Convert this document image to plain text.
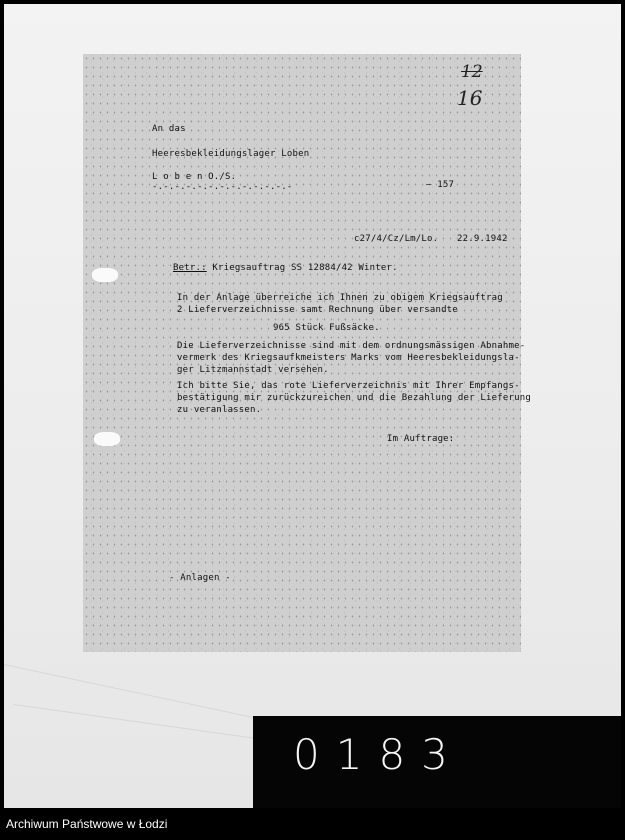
12
16
An das
Heeresbekleidungslager Loben
L o b e n O./S.
-.-.-.-.-.-.-.-.-.-.-.-.-	— 157
c27/4/Cz/Lm/Lo. 22.9.1942
Betr.: Kriegsauftrag SS 12884/42 Winter.
In der Anlage überreiche ich Ihnen zu obigem Kriegsauftrag
2 Lieferverzeichnisse samt Rechnung über versandte
965 Stück Fußsäcke.
Die Lieferverzeichnisse sind mit dem ordnungsmässigen Abnahme-
vermerk des Kriegsaufkmeisters Marks vom Heeresbekleidungsla-
ger Litzmannstadt versehen.
Ich bitte Sie, das rote Lieferverzeichnis mit Ihrer Empfangs-
bestätigung mir zurückzureichen und die Bezahlung der Lieferung
zu veranlassen.
Im Auftrage:
- Anlagen -
0183
Archiwum Państwowe w Łodzi
